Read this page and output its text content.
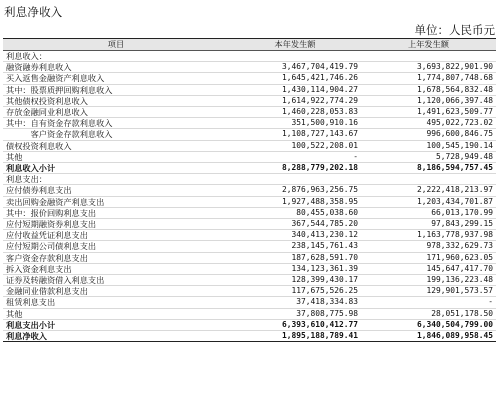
利息净收入
单位：人民币元
项目	本年发生额	上年发生额
利息收入：		
融资融券利息收入	3,467,704,419.79	3,693,822,901.90
买入返售金融资产利息收入	1,645,421,746.26	1,774,807,748.68
其中：股票质押回购利息收入	1,430,114,904.27	1,678,564,832.48
其他债权投资利息收入	1,614,922,774.29	1,120,066,397.48
存放金融同业利息收入	1,460,228,053.83	1,491,623,509.77
其中：自有资金存款利息收入	351,500,910.16	495,022,723.02
　　　客户资金存款利息收入	1,108,727,143.67	996,600,846.75
债权投资利息收入	100,522,208.01	100,545,190.14
其他	-	5,728,949.48
利息收入小计	8,288,779,202.18	8,186,594,757.45
利息支出：		
应付债券利息支出	2,876,963,256.75	2,222,418,213.97
卖出回购金融资产利息支出	1,927,488,358.95	1,203,434,701.87
其中：报价回购利息支出	80,455,038.60	66,013,170.99
应付短期融资券利息支出	367,544,785.20	97,843,299.15
应付收益凭证利息支出	340,413,230.12	1,163,778,937.98
应付短期公司债利息支出	238,145,761.43	978,332,629.73
客户资金存款利息支出	187,628,591.70	171,960,623.05
拆入资金利息支出	134,123,361.39	145,647,417.70
证券及转融资借入利息支出	128,399,430.17	199,136,223.48
金融同业借款利息支出	117,675,526.25	129,901,573.57
租赁利息支出	37,418,334.83	-
其他	37,808,775.98	28,051,178.50
利息支出小计	6,393,610,412.77	6,340,504,799.00
利息净收入	1,895,188,789.41	1,846,089,958.45
